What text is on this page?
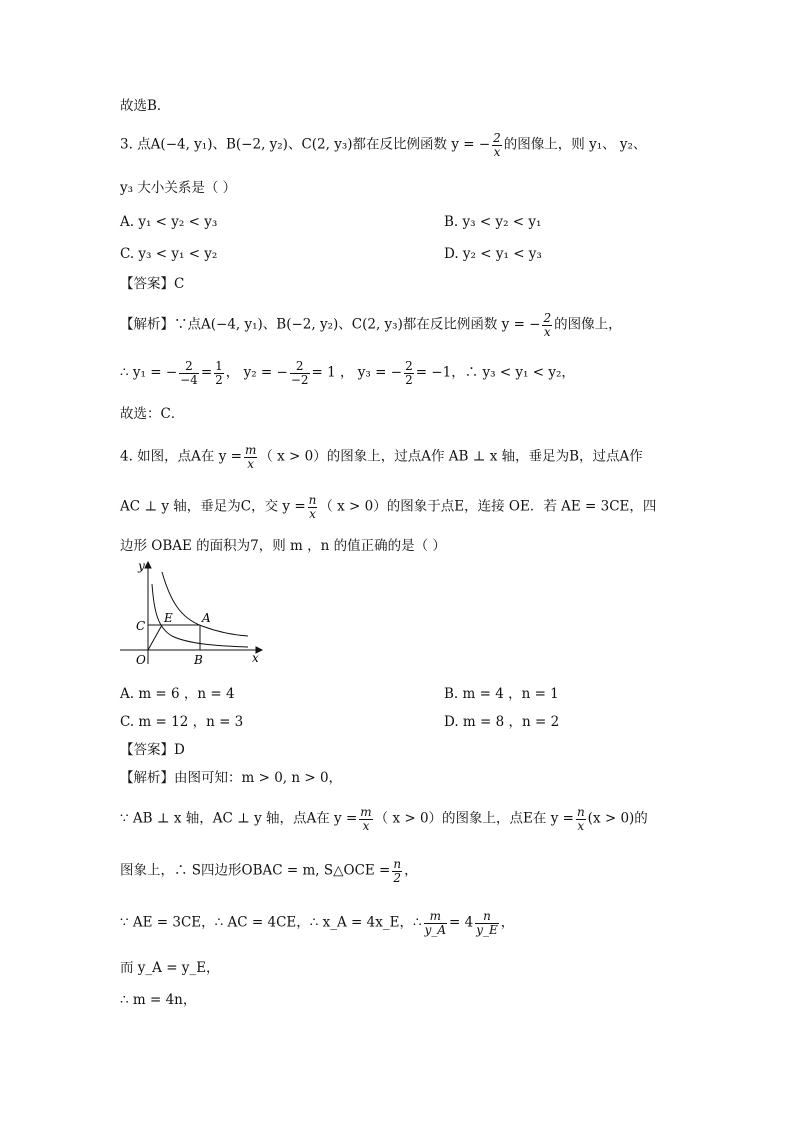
故选B．
3. 点A(−4, y₁)、B(−2, y₂)、C(2, y₃)都在反比例函数 y = − $\frac{2}{x}$ 的图像上，则 y₁、 y₂、
y₃ 大小关系是（ ）
A. y₁ < y₂ < y₃	B. y₃ < y₂ < y₁
C. y₃ < y₁ < y₂	D. y₂ < y₁ < y₃
【答案】C
【解析】∵点A(−4, y₁)、B(−2, y₂)、C(2, y₃)都在反比例函数 y = − $\frac{2}{x}$ 的图像上，
∴ y₁ = − $\frac{2}{-4} = \frac{1}{2}$ ， y₂ = − $\frac{2}{-2} = 1$ ， y₃ = − $\frac{2}{2} = -1$，∴ y₃ < y₁ < y₂，
故选：C．
4. 如图，点A在 $y = \frac{m}{x}$ （ x > 0）的图象上，过点A作 AB ⊥ x 轴，垂足为B，过点A作
AC ⊥ y 轴，垂足为C，交 $y = \frac{n}{x}$ （ x > 0）的图象于点E，连接 OE．若 AE = 3CE，四
边形 OBAE 的面积为7，则 m ，n 的值正确的是（ ）
y
x
O	B
C
E A
A. m = 6 ，n = 4	B. m = 4 ，n = 1
C. m = 12 ，n = 3	D. m = 8 ，n = 2
【答案】D
【解析】由图可知：m > 0, n > 0，
∵ AB ⊥ x 轴，AC ⊥ y 轴，点A在 $y = \frac{m}{x}$ （ x > 0）的图象上，点E在 $y = \frac{n}{x} (x > 0)$的
图象上，∴ S四边形OBAC = m, S△OCE = $\frac{n}{2}$ ，
∵ AE = 3CE，∴ AC = 4CE，∴ x_A = 4x_E，∴ $\frac{m}{y\_A} = 4 \frac{n}{y\_E}$ ，
而 y_A = y_E，
∴ m = 4n，
